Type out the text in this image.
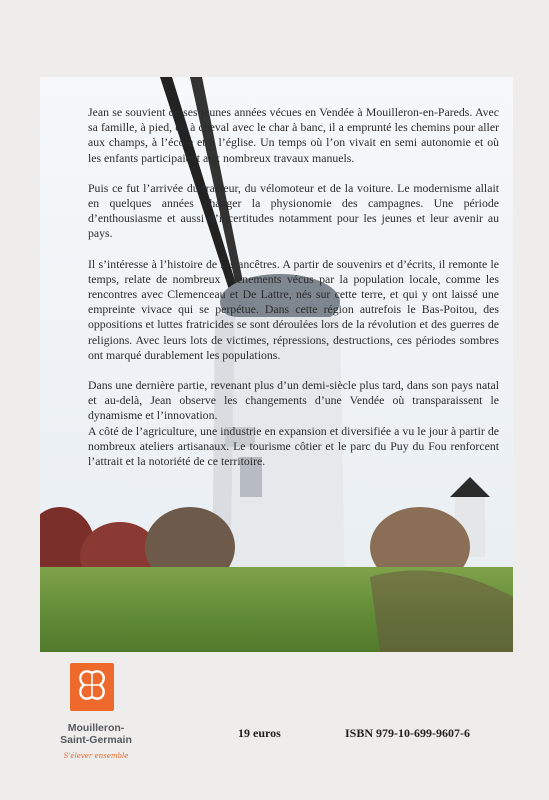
Jean se souvient de ses jeunes années vécues en Vendée à Mouilleron-en-Pareds. Avec sa famille, à pied, ou à cheval avec le char à banc, il a emprunté les chemins pour aller aux champs, à l’école et à l’église. Un temps où l’on vivait en semi autonomie et où les enfants participaient aux nombreux travaux manuels.

Puis ce fut l’arrivée du tracteur, du vélomoteur et de la voiture. Le modernisme allait en quelques années changer la physionomie des campagnes. Une période d’enthousiasme et aussi d’incertitudes notamment pour les jeunes et leur avenir au pays.

Il s’intéresse à l’histoire de ses ancêtres. A partir de souvenirs et d’écrits, il remonte le temps, relate de nombreux évènements vécus par la population locale, comme les rencontres avec Clemenceau et De Lattre, nés sur cette terre, et qui y ont laissé une empreinte vivace qui se perpétue. Dans cette région autrefois le Bas-Poitou, des oppositions et luttes fratricides se sont déroulées lors de la révolution et des guerres de religions. Avec leurs lots de victimes, répressions, destructions, ces périodes sombres ont marqué durablement les populations.

Dans une dernière partie, revenant plus d’un demi-siècle plus tard, dans son pays natal et au-delà, Jean observe les changements d’une Vendée où transparaissent le dynamisme et l’innovation.

A côté de l’agriculture, une industrie en expansion et diversifiée a vu le jour à partir de nombreux ateliers artisanaux. Le tourisme côtier et le parc du Puy du Fou renforcent l’attrait et la notoriété de ce territoire.

Mouilleron-
Saint-Germain
S'élever ensemble
19 euros	ISBN 979-10-699-9607-6
